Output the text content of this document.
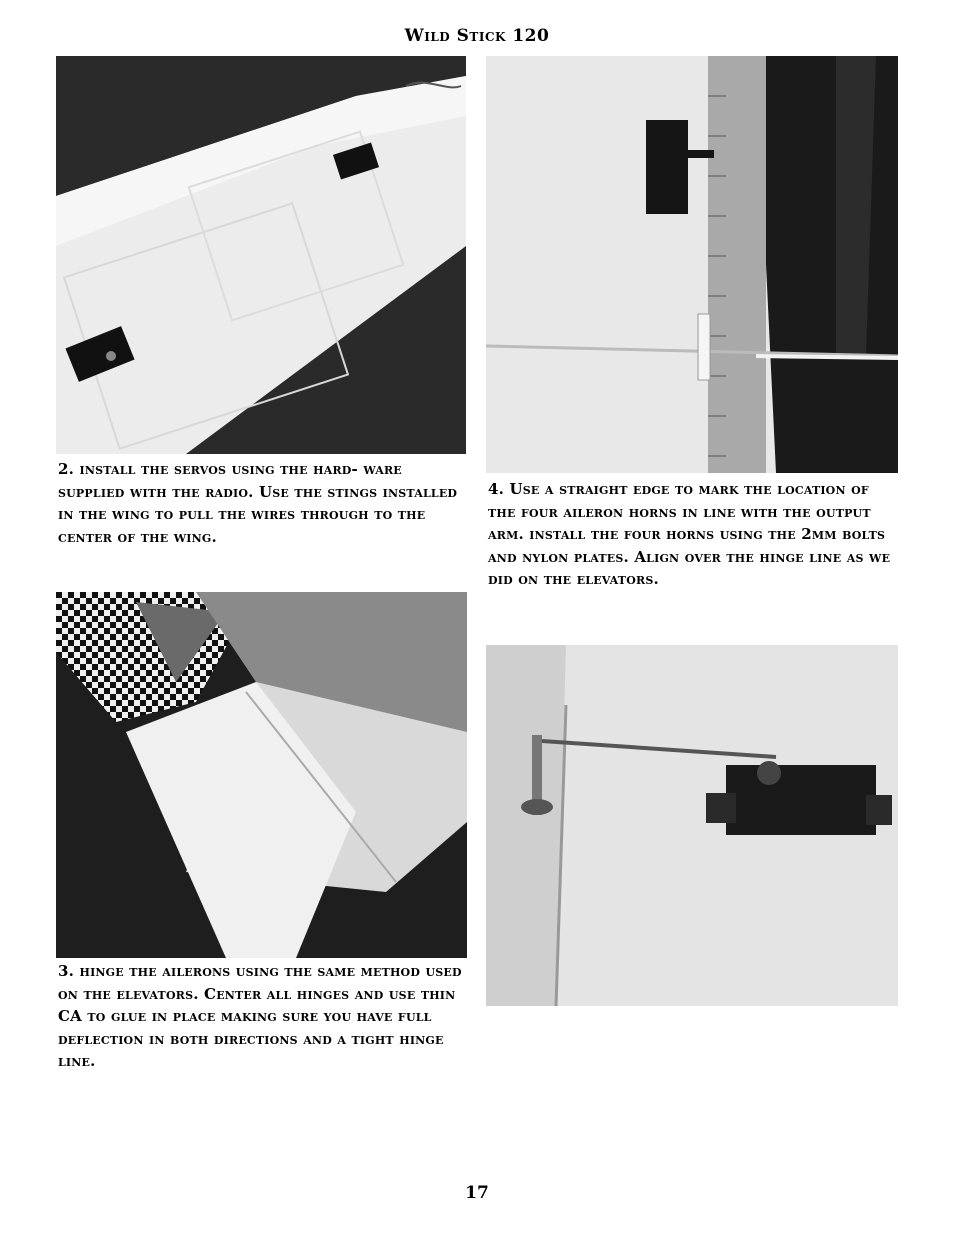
Wild Stick 120
2. install the servos using the hard- ware supplied with the radio. Use the stings installed in the wing to pull the wires through to the center of the wing.
4. Use a straight edge to mark the location of the four aileron horns in line with the output arm. install the four horns using the 2mm bolts and nylon plates. Align over the hinge line as we did on the elevators.
3. hinge the ailerons using the same method used on the elevators. Center all hinges and use thin CA to glue in place making sure you have full deflection in both directions and a tight hinge line.
17
